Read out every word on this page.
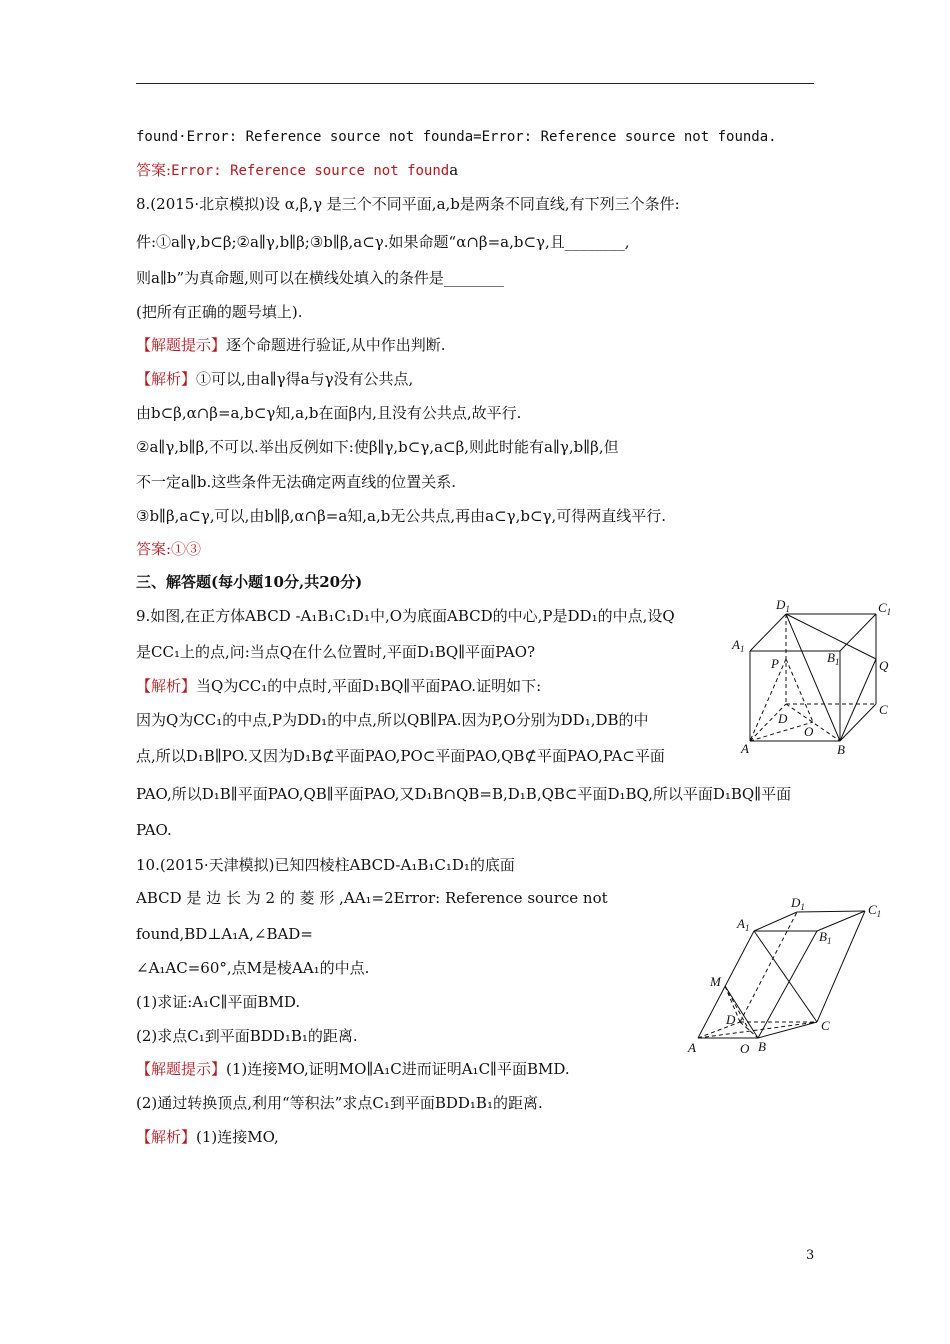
found·Error: Reference source not founda=Error: Reference source not founda.
答案:Error: Reference source not founda
8.(2015·北京模拟)设 α,β,γ 是三个不同平面,a,b是两条不同直线,有下列三个条件:
件:①a∥γ,b⊂β;②a∥γ,b∥β;③b∥β,a⊂γ.如果命题“α∩β=a,b⊂γ,且________,
则a∥b”为真命题,则可以在横线处填入的条件是________
(把所有正确的题号填上).
【解题提示】逐个命题进行验证,从中作出判断.
【解析】①可以,由a∥γ得a与γ没有公共点,
由b⊂β,α∩β=a,b⊂γ知,a,b在面β内,且没有公共点,故平行.
②a∥γ,b∥β,不可以.举出反例如下:使β∥γ,b⊂γ,a⊂β,则此时能有a∥γ,b∥β,但
不一定a∥b.这些条件无法确定两直线的位置关系.
③b∥β,a⊂γ,可以,由b∥β,α∩β=a知,a,b无公共点,再由a⊂γ,b⊂γ,可得两直线平行.
答案:①③
三、解答题(每小题10分,共20分)
9.如图,在正方体ABCD -A₁B₁C₁D₁中,O为底面ABCD的中心,P是DD₁的中点,设Q
是CC₁上的点,问:当点Q在什么位置时,平面D₁BQ∥平面PAO?
【解析】当Q为CC₁的中点时,平面D₁BQ∥平面PAO.证明如下:
因为Q为CC₁的中点,P为DD₁的中点,所以QB∥PA.因为P,O分别为DD₁,DB的中
点,所以D₁B∥PO.又因为D₁B⊄平面PAO,PO⊂平面PAO,QB⊄平面PAO,PA⊂平面
PAO,所以D₁B∥平面PAO,QB∥平面PAO,又D₁B∩QB=B,D₁B,QB⊂平面D₁BQ,所以平面D₁BQ∥平面
PAO.
10.(2015·天津模拟)已知四棱柱ABCD-A₁B₁C₁D₁的底面
ABCD 是 边 长 为 2 的 菱 形 ,AA₁=2Error: Reference source not
found,BD⊥A₁A,∠BAD=
∠A₁AC=60°,点M是棱AA₁的中点.
(1)求证:A₁C∥平面BMD.
(2)求点C₁到平面BDD₁B₁的距离.
【解题提示】(1)连接MO,证明MO∥A₁C进而证明A₁C∥平面BMD.
(2)通过转换顶点,利用“等积法”求点C₁到平面BDD₁B₁的距离.
【解析】(1)连接MO,
$D_1$	$C_1$
$A_1$
$B_1$
P	Q
D
O
C
A	B
$D_1$	$C_1$
$A_1$
$B_1$
M
D	C
A	O B
3
